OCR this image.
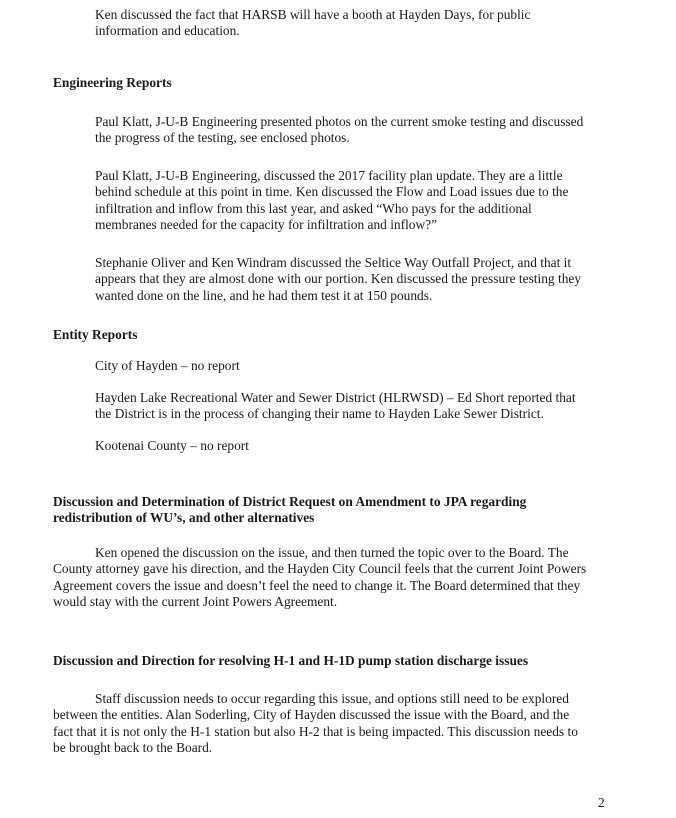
Ken discussed the fact that HARSB will have a booth at Hayden Days, for public
information and education.

Engineering Reports

Paul Klatt, J-U-B Engineering presented photos on the current smoke testing and discussed
the progress of the testing, see enclosed photos.

Paul Klatt, J-U-B Engineering, discussed the 2017 facility plan update. They are a little
behind schedule at this point in time. Ken discussed the Flow and Load issues due to the
infiltration and inflow from this last year, and asked “Who pays for the additional
membranes needed for the capacity for infiltration and inflow?”

Stephanie Oliver and Ken Windram discussed the Seltice Way Outfall Project, and that it
appears that they are almost done with our portion. Ken discussed the pressure testing they
wanted done on the line, and he had them test it at 150 pounds.

Entity Reports

City of Hayden – no report

Hayden Lake Recreational Water and Sewer District (HLRWSD) – Ed Short reported that
the District is in the process of changing their name to Hayden Lake Sewer District.

Kootenai County – no report

Discussion and Determination of District Request on Amendment to JPA regarding
redistribution of WU’s, and other alternatives

Ken opened the discussion on the issue, and then turned the topic over to the Board. The
County attorney gave his direction, and the Hayden City Council feels that the current Joint Powers
Agreement covers the issue and doesn’t feel the need to change it. The Board determined that they
would stay with the current Joint Powers Agreement.

Discussion and Direction for resolving H-1 and H-1D pump station discharge issues

Staff discussion needs to occur regarding this issue, and options still need to be explored
between the entities. Alan Soderling, City of Hayden discussed the issue with the Board, and the
fact that it is not only the H-1 station but also H-2 that is being impacted. This discussion needs to
be brought back to the Board.

2
